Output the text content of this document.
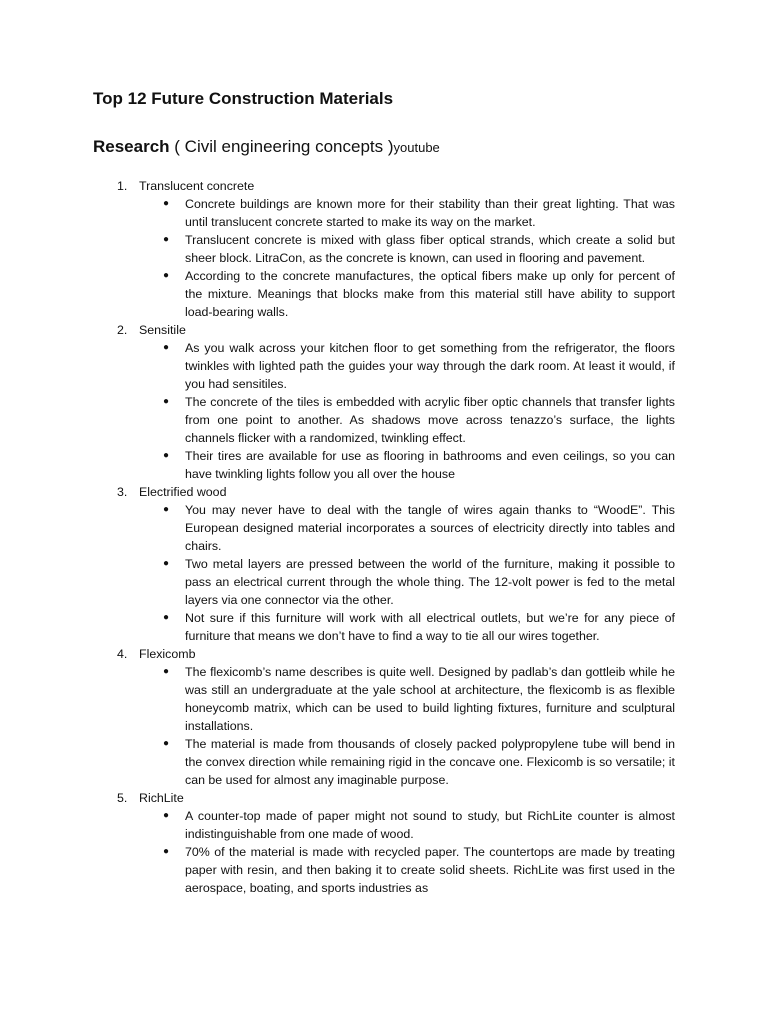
Top 12 Future Construction Materials
Research ( Civil engineering concepts )youtube
1. Translucent concrete
●	Concrete buildings are known more for their stability than their great lighting. That was until translucent concrete started to make its way on the market.
●	Translucent concrete is mixed with glass fiber optical strands, which create a solid but sheer block. LitraCon, as the concrete is known, can used in flooring and pavement.
●	According to the concrete manufactures, the optical fibers make up only for percent of the mixture. Meanings that blocks make from this material still have ability to support load-bearing walls.
2. Sensitile
●	As you walk across your kitchen floor to get something from the refrigerator, the floors twinkles with lighted path the guides your way through the dark room. At least it would, if you had sensitiles.
●	The concrete of the tiles is embedded with acrylic fiber optic channels that transfer lights from one point to another. As shadows move across tenazzo’s surface, the lights channels flicker with a randomized, twinkling effect.
●	Their tires are available for use as flooring in bathrooms and even ceilings, so you can have twinkling lights follow you all over the house
3. Electrified wood
●	You may never have to deal with the tangle of wires again thanks to “WoodE”. This European designed material incorporates a sources of electricity directly into tables and chairs.
●	Two metal layers are pressed between the world of the furniture, making it possible to pass an electrical current through the whole thing. The 12-volt power is fed to the metal layers via one connector via the other.
●	Not sure if this furniture will work with all electrical outlets, but we’re for any piece of furniture that means we don’t have to find a way to tie all our wires together.
4. Flexicomb
●	The flexicomb’s name describes is quite well. Designed by padlab’s dan gottleib while he was still an undergraduate at the yale school at architecture, the flexicomb is as flexible honeycomb matrix, which can be used to build lighting fixtures, furniture and sculptural installations.
●	The material is made from thousands of closely packed polypropylene tube will bend in the convex direction while remaining rigid in the concave one. Flexicomb is so versatile; it can be used for almost any imaginable purpose.
5. RichLite
●	A counter-top made of paper might not sound to study, but RichLite counter is almost indistinguishable from one made of wood.
●	70% of the material is made with recycled paper. The countertops are made by treating paper with resin, and then baking it to create solid sheets. RichLite was first used in the aerospace, boating, and sports industries as
